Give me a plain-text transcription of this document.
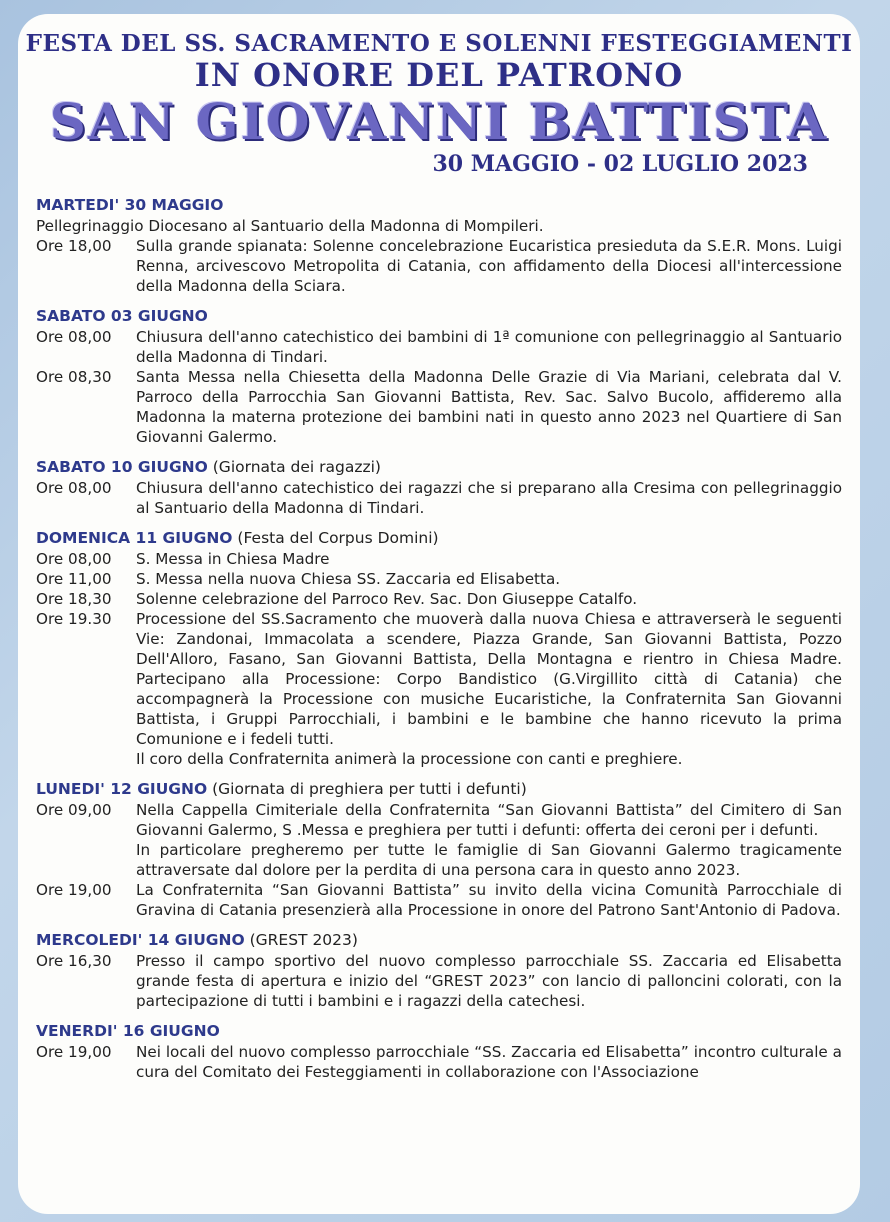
FESTA DEL SS. SACRAMENTO E SOLENNI FESTEGGIAMENTI
IN ONORE DEL PATRONO
SAN GIOVANNI BATTISTA
30 MAGGIO - 02 LUGLIO 2023
MARTEDI' 30 MAGGIO
Pellegrinaggio Diocesano al Santuario della Madonna di Mompileri.
Ore 18,00	Sulla grande spianata: Solenne concelebrazione Eucaristica presieduta da S.E.R. Mons. Luigi Renna, arcivescovo Metropolita di Catania, con affidamento della Diocesi all'intercessione della Madonna della Sciara.

SABATO 03 GIUGNO
Ore 08,00	Chiusura dell'anno catechistico dei bambini di 1ª comunione con pellegrinaggio al Santuario della Madonna di Tindari.

Ore 08,30	Santa Messa nella Chiesetta della Madonna Delle Grazie di Via Mariani, celebrata dal V. Parroco della Parrocchia San Giovanni Battista, Rev. Sac. Salvo Bucolo, affideremo alla Madonna la materna protezione dei bambini nati in questo anno 2023 nel Quartiere di San Giovanni Galermo.

SABATO 10 GIUGNO (Giornata dei ragazzi)
Ore 08,00	Chiusura dell'anno catechistico dei ragazzi che si preparano alla Cresima con pellegrinaggio al Santuario della Madonna di Tindari.

DOMENICA 11 GIUGNO (Festa del Corpus Domini)
Ore 08,00	S. Messa in Chiesa Madre

Ore 11,00	S. Messa nella nuova Chiesa SS. Zaccaria ed Elisabetta.

Ore 18,30	Solenne celebrazione del Parroco Rev. Sac. Don Giuseppe Catalfo.

Ore 19.30	Processione del SS.Sacramento che muoverà dalla nuova Chiesa e attraverserà le seguenti Vie: Zandonai, Immacolata a scendere, Piazza Grande, San Giovanni Battista, Pozzo Dell'Alloro, Fasano, San Giovanni Battista, Della Montagna e rientro in Chiesa Madre. Partecipano alla Processione: Corpo Bandistico (G.Virgillito città di Catania) che accompagnerà la Processione con musiche Eucaristiche, la Confraternita San Giovanni Battista, i Gruppi Parrocchiali, i bambini e le bambine che hanno ricevuto la prima Comunione e i fedeli tutti.

Il coro della Confraternita animerà la processione con canti e preghiere.

LUNEDI' 12 GIUGNO (Giornata di preghiera per tutti i defunti)
Ore 09,00	Nella Cappella Cimiteriale della Confraternita “San Giovanni Battista” del Cimitero di San Giovanni Galermo, S .Messa e preghiera per tutti i defunti: offerta dei ceroni per i defunti.

In particolare pregheremo per tutte le famiglie di San Giovanni Galermo tragicamente attraversate dal dolore per la perdita di una persona cara in questo anno 2023.

Ore 19,00	La Confraternita “San Giovanni Battista” su invito della vicina Comunità Parrocchiale di Gravina di Catania presenzierà alla Processione in onore del Patrono Sant'Antonio di Padova.

MERCOLEDI' 14 GIUGNO (GREST 2023)
Ore 16,30	Presso il campo sportivo del nuovo complesso parrocchiale SS. Zaccaria ed Elisabetta grande festa di apertura e inizio del “GREST 2023” con lancio di palloncini colorati, con la partecipazione di tutti i bambini e i ragazzi della catechesi.

VENERDI' 16 GIUGNO
Ore 19,00	Nei locali del nuovo complesso parrocchiale “SS. Zaccaria ed Elisabetta” incontro culturale a cura del Comitato dei Festeggiamenti in collaborazione con l'Associazione
